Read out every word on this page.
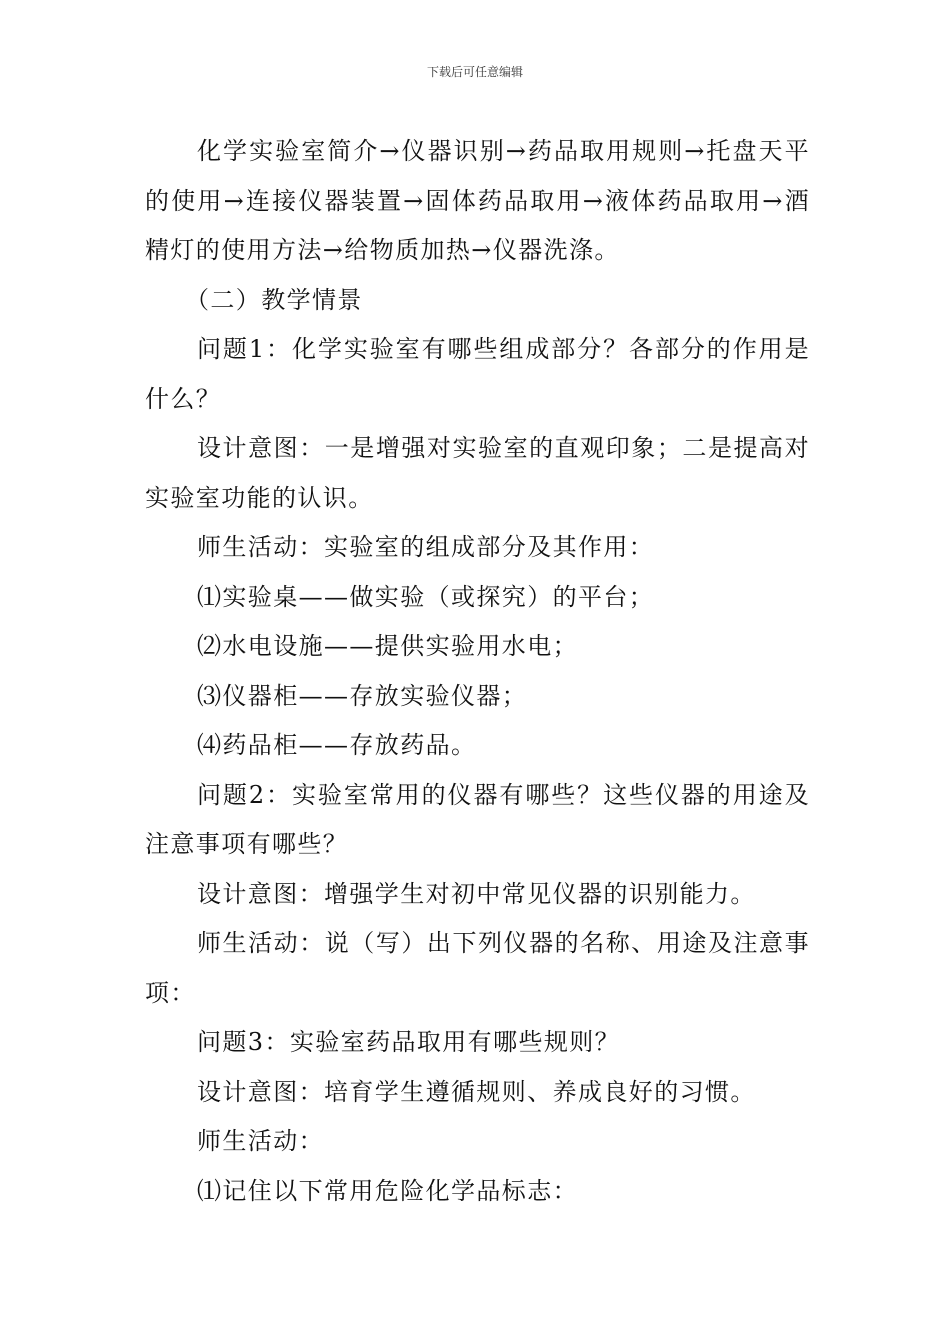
下载后可任意编辑

化学实验室简介→仪器识别→药品取用规则→托盘天平的使用→连接仪器装置→固体药品取用→液体药品取用→酒精灯的使用方法→给物质加热→仪器洗涤。

（二）教学情景

问题1：化学实验室有哪些组成部分？各部分的作用是什么？

设计意图：一是增强对实验室的直观印象；二是提高对实验室功能的认识。

师生活动：实验室的组成部分及其作用：

⑴实验桌——做实验（或探究）的平台；

⑵水电设施——提供实验用水电；

⑶仪器柜——存放实验仪器；

⑷药品柜——存放药品。

问题2：实验室常用的仪器有哪些？这些仪器的用途及注意事项有哪些？

设计意图：增强学生对初中常见仪器的识别能力。

师生活动：说（写）出下列仪器的名称、用途及注意事项：

问题3：实验室药品取用有哪些规则？

设计意图：培育学生遵循规则、养成良好的习惯。

师生活动：

⑴记住以下常用危险化学品标志：
